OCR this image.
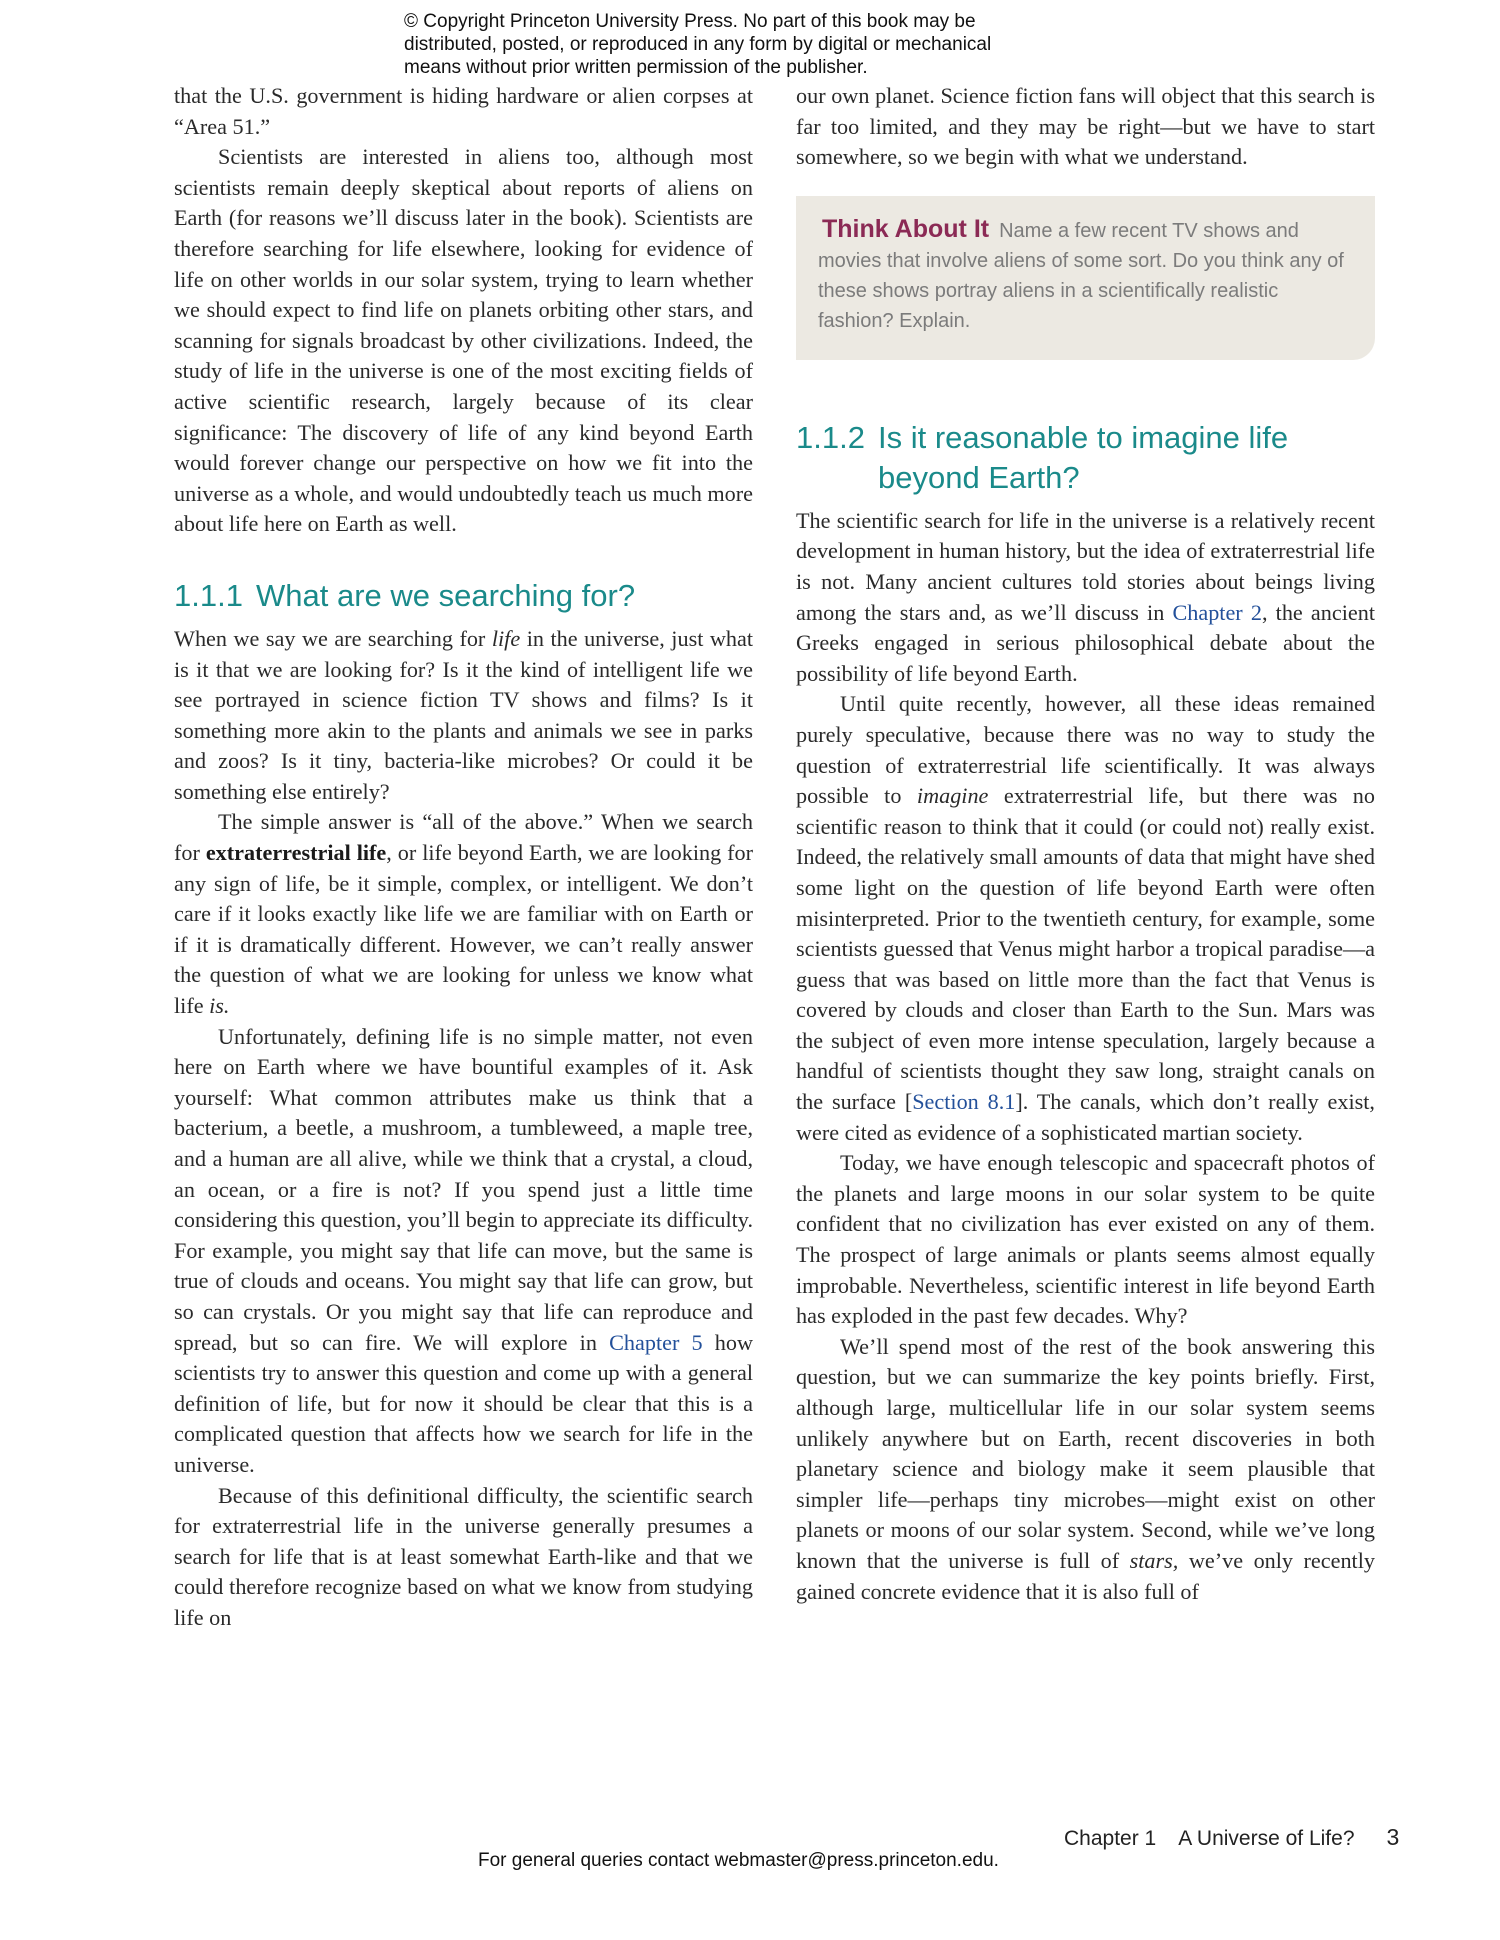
© Copyright Princeton University Press. No part of this book may be
distributed, posted, or reproduced in any form by digital or mechanical
means without prior written permission of the publisher.

that the U.S. government is hiding hardware or alien corpses at “Area 51.”

Scientists are interested in aliens too, although most scientists remain deeply skeptical about reports of aliens on Earth (for reasons we’ll discuss later in the book). Scientists are therefore searching for life elsewhere, looking for evidence of life on other worlds in our solar system, trying to learn whether we should expect to find life on planets orbiting other stars, and scanning for signals broadcast by other civilizations. Indeed, the study of life in the universe is one of the most exciting fields of active scientific research, largely because of its clear significance: The discovery of life of any kind beyond Earth would forever change our perspective on how we fit into the universe as a whole, and would undoubtedly teach us much more about life here on Earth as well.

1.1.1 What are we searching for?

When we say we are searching for life in the universe, just what is it that we are looking for? Is it the kind of intelligent life we see portrayed in science fiction TV shows and films? Is it something more akin to the plants and animals we see in parks and zoos? Is it tiny, bacteria-like microbes? Or could it be something else entirely?

The simple answer is “all of the above.” When we search for extraterrestrial life, or life beyond Earth, we are looking for any sign of life, be it simple, complex, or intelligent. We don’t care if it looks exactly like life we are familiar with on Earth or if it is dramatically different. However, we can’t really answer the question of what we are looking for unless we know what life is.

Unfortunately, defining life is no simple matter, not even here on Earth where we have bountiful examples of it. Ask yourself: What common attributes make us think that a bacterium, a beetle, a mushroom, a tumbleweed, a maple tree, and a human are all alive, while we think that a crystal, a cloud, an ocean, or a fire is not? If you spend just a little time considering this question, you’ll begin to appreciate its difficulty. For example, you might say that life can move, but the same is true of clouds and oceans. You might say that life can grow, but so can crystals. Or you might say that life can reproduce and spread, but so can fire. We will explore in Chapter 5 how scientists try to answer this question and come up with a general definition of life, but for now it should be clear that this is a complicated question that affects how we search for life in the universe.

Because of this definitional difficulty, the scientific search for extraterrestrial life in the universe generally presumes a search for life that is at least somewhat Earth-like and that we could therefore recognize based on what we know from studying life on

our own planet. Science fiction fans will object that this search is far too limited, and they may be right—but we have to start somewhere, so we begin with what we understand.

Think About It Name a few recent TV shows and movies that involve aliens of some sort. Do you think any of these shows portray aliens in a scientifically realistic fashion? Explain.
1.1.2 Is it reasonable to imagine life
beyond Earth?

The scientific search for life in the universe is a relatively recent development in human history, but the idea of extraterrestrial life is not. Many ancient cultures told stories about beings living among the stars and, as we’ll discuss in Chapter 2, the ancient Greeks engaged in serious philosophical debate about the possibility of life beyond Earth.

Until quite recently, however, all these ideas remained purely speculative, because there was no way to study the question of extraterrestrial life scientifically. It was always possible to imagine extraterrestrial life, but there was no scientific reason to think that it could (or could not) really exist. Indeed, the relatively small amounts of data that might have shed some light on the question of life beyond Earth were often misinterpreted. Prior to the twentieth century, for example, some scientists guessed that Venus might harbor a tropical paradise—a guess that was based on little more than the fact that Venus is covered by clouds and closer than Earth to the Sun. Mars was the subject of even more intense speculation, largely because a handful of scientists thought they saw long, straight canals on the surface [Section 8.1]. The canals, which don’t really exist, were cited as evidence of a sophisticated martian society.

Today, we have enough telescopic and spacecraft photos of the planets and large moons in our solar system to be quite confident that no civilization has ever existed on any of them. The prospect of large animals or plants seems almost equally improbable. Nevertheless, scientific interest in life beyond Earth has exploded in the past few decades. Why?

We’ll spend most of the rest of the book answering this question, but we can summarize the key points briefly. First, although large, multicellular life in our solar system seems unlikely anywhere but on Earth, recent discoveries in both planetary science and biology make it seem plausible that simpler life—perhaps tiny microbes—might exist on other planets or moons of our solar system. Second, while we’ve long known that the universe is full of stars, we’ve only recently gained concrete evidence that it is also full of

Chapter 1 A Universe of Life? 3
For general queries contact webmaster@press.princeton.edu.
